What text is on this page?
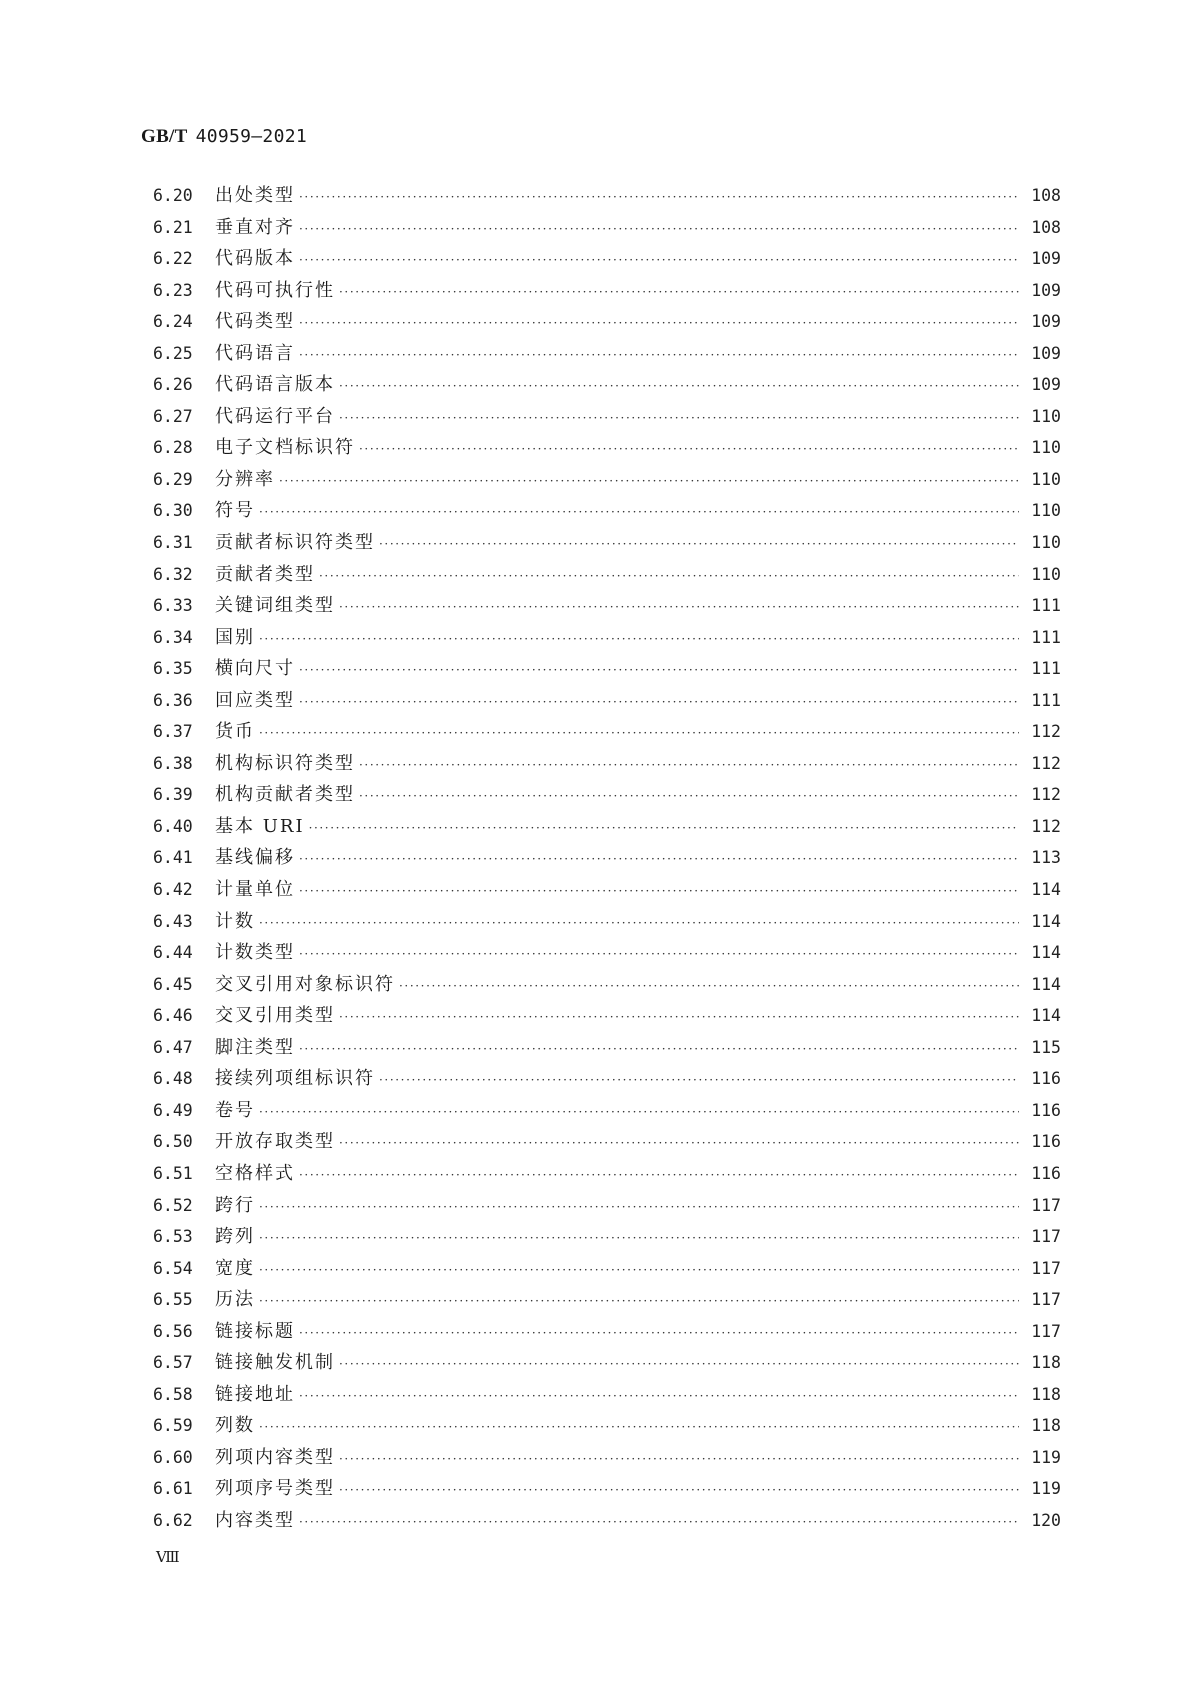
GB/T 40959—2021
6.20	出处类型 ·····	108
6.21	垂直对齐 ·····	108
6.22	代码版本 ·····	109
6.23	代码可执行性 ·····	109
6.24	代码类型 ·····	109
6.25	代码语言 ·····	109
6.26	代码语言版本 ·····	109
6.27	代码运行平台 ·····	110
6.28	电子文档标识符 ·····	110
6.29	分辨率 ·····	110
6.30	符号 ·····	110
6.31	贡献者标识符类型 ·····	110
6.32	贡献者类型 ·····	110
6.33	关键词组类型 ·····	111
6.34	国别 ·····	111
6.35	横向尺寸 ·····	111
6.36	回应类型 ·····	111
6.37	货币 ·····	112
6.38	机构标识符类型 ·····	112
6.39	机构贡献者类型 ·····	112
6.40	基本 URI ·····	112
6.41	基线偏移 ·····	113
6.42	计量单位 ·····	114
6.43	计数 ·····	114
6.44	计数类型 ·····	114
6.45	交叉引用对象标识符 ·····	114
6.46	交叉引用类型 ·····	114
6.47	脚注类型 ·····	115
6.48	接续列项组标识符 ·····	116
6.49	卷号 ·····	116
6.50	开放存取类型 ·····	116
6.51	空格样式 ·····	116
6.52	跨行 ·····	117
6.53	跨列 ·····	117
6.54	宽度 ·····	117
6.55	历法 ·····	117
6.56	链接标题 ·····	117
6.57	链接触发机制 ·····	118
6.58	链接地址 ·····	118
6.59	列数 ·····	118
6.60	列项内容类型 ·····	119
6.61	列项序号类型 ·····	119
6.62	内容类型 ·····	120
Ⅷ
